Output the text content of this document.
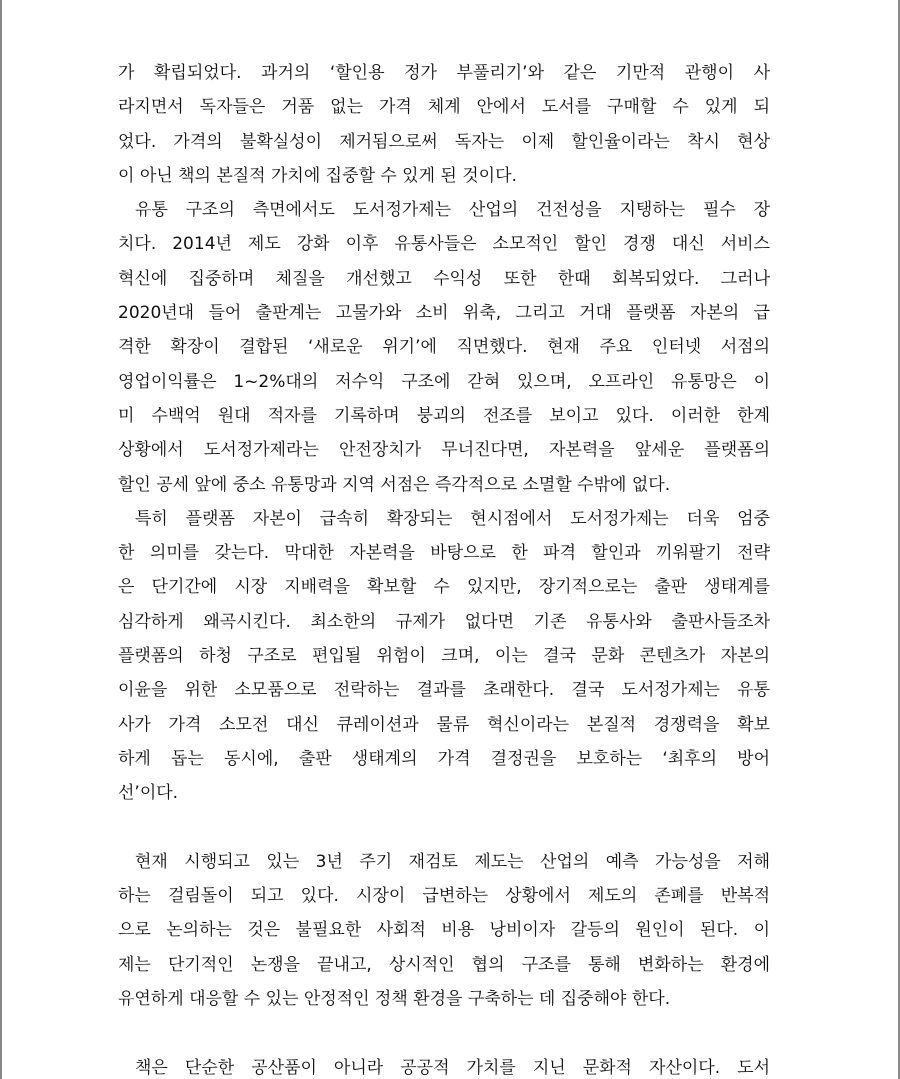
가 확립되었다. 과거의 ‘할인용 정가 부풀리기’와 같은 기만적 관행이 사
라지면서 독자들은 거품 없는 가격 체계 안에서 도서를 구매할 수 있게 되
었다. 가격의 불확실성이 제거됨으로써 독자는 이제 할인율이라는 착시 현상
이 아닌 책의 본질적 가치에 집중할 수 있게 된 것이다.
유통 구조의 측면에서도 도서정가제는 산업의 건전성을 지탱하는 필수 장
치다. 2014년 제도 강화 이후 유통사들은 소모적인 할인 경쟁 대신 서비스
혁신에 집중하며 체질을 개선했고 수익성 또한 한때 회복되었다. 그러나
2020년대 들어 출판계는 고물가와 소비 위축, 그리고 거대 플랫폼 자본의 급
격한 확장이 결합된 ‘새로운 위기’에 직면했다. 현재 주요 인터넷 서점의
영업이익률은 1~2%대의 저수익 구조에 갇혀 있으며, 오프라인 유통망은 이
미 수백억 원대 적자를 기록하며 붕괴의 전조를 보이고 있다. 이러한 한계
상황에서 도서정가제라는 안전장치가 무너진다면, 자본력을 앞세운 플랫폼의
할인 공세 앞에 중소 유통망과 지역 서점은 즉각적으로 소멸할 수밖에 없다.
특히 플랫폼 자본이 급속히 확장되는 현시점에서 도서정가제는 더욱 엄중
한 의미를 갖는다. 막대한 자본력을 바탕으로 한 파격 할인과 끼워팔기 전략
은 단기간에 시장 지배력을 확보할 수 있지만, 장기적으로는 출판 생태계를
심각하게 왜곡시킨다. 최소한의 규제가 없다면 기존 유통사와 출판사들조차
플랫폼의 하청 구조로 편입될 위험이 크며, 이는 결국 문화 콘텐츠가 자본의
이윤을 위한 소모품으로 전락하는 결과를 초래한다. 결국 도서정가제는 유통
사가 가격 소모전 대신 큐레이션과 물류 혁신이라는 본질적 경쟁력을 확보
하게 돕는 동시에, 출판 생태계의 가격 결정권을 보호하는 ‘최후의 방어
선’이다.
현재 시행되고 있는 3년 주기 재검토 제도는 산업의 예측 가능성을 저해
하는 걸림돌이 되고 있다. 시장이 급변하는 상황에서 제도의 존폐를 반복적
으로 논의하는 것은 불필요한 사회적 비용 낭비이자 갈등의 원인이 된다. 이
제는 단기적인 논쟁을 끝내고, 상시적인 협의 구조를 통해 변화하는 환경에
유연하게 대응할 수 있는 안정적인 정책 환경을 구축하는 데 집중해야 한다.
책은 단순한 공산품이 아니라 공공적 가치를 지닌 문화적 자산이다. 도서
